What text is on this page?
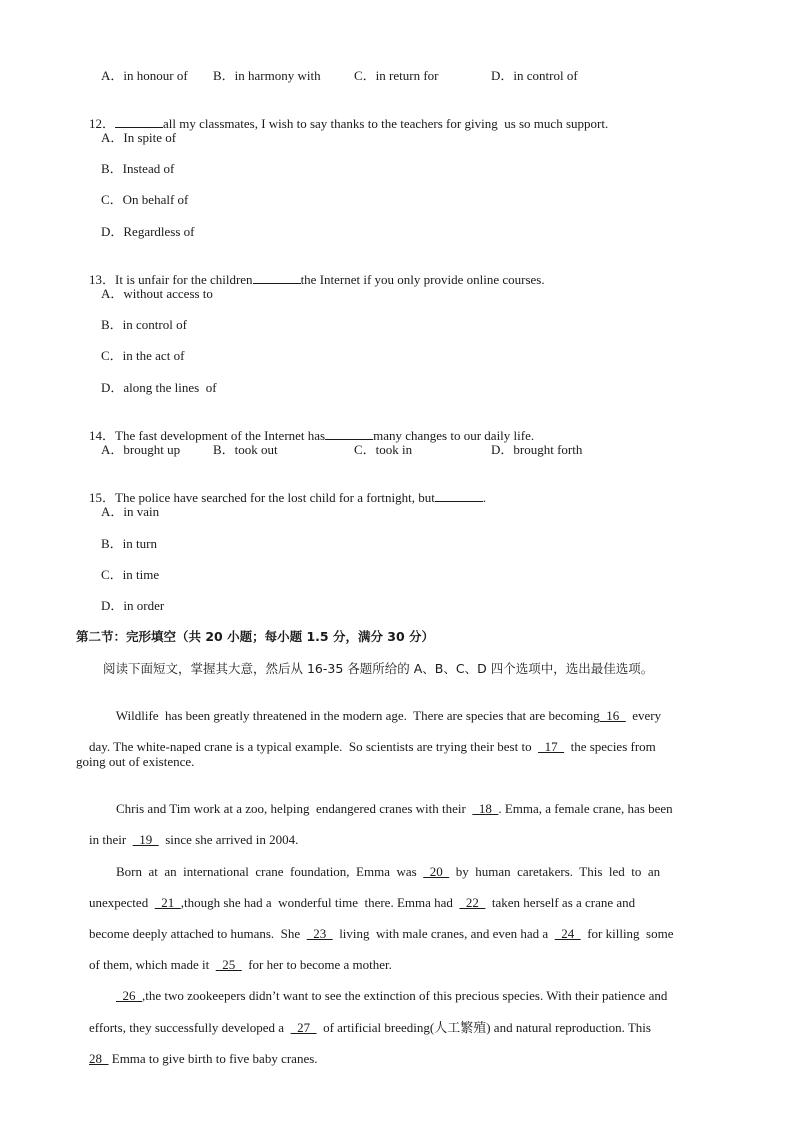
A．in honour of B．in harmony with	C．in return for	D．in control of

12．	all my classmates, I wish to say thanks to the teachers for giving  us so much support.

A．In spite of
B．Instead of
C．On behalf of
D．Regardless of

13．It is unfair for the children	the Internet if you only provide online courses.

A．without access to
B．in control of
C．in the act of
D．along the lines  of

14．The fast development of the Internet has	many changes to our daily life.

A．brought up	B．took out	C．took in	D．brought forth

15．The police have searched for the lost child for a fortnight, but	.

A．in vain
B．in turn
C．in time
D．in order
第二节：完形填空（共 20 小题；每小题 1.5 分，满分 30 分）
阅读下面短文，掌握其大意，然后从 16-35 各题所给的 A、B、C、D 四个选项中，选出最佳选项。

Wildlife  has been greatly threatened in the modern age.  There are species that are becoming  16    every

day. The white-naped crane is a typical example.  So scientists are trying their best to    17    the species from

going out of existence.

Chris and Tim work at a zoo, helping  endangered cranes with their    18  . Emma, a female crane, has been

in their    19    since she arrived in 2004.

Born  at  an  international  crane  foundation,  Emma  was    20    by  human  caretakers.  This  led  to  an

unexpected    21  ,though she had a  wonderful time  there. Emma had    22    taken herself as a crane and

become deeply attached to humans.  She    23    living  with male cranes, and even had a    24    for killing  some

of them, which made it    25    for her to become a mother.

26  ,the two zookeepers didn’t want to see the extinction of this precious species. With their patience and

efforts, they successfully developed a    27    of artificial breeding(人工繁殖) and natural reproduction. This

28   Emma to give birth to five baby cranes.
